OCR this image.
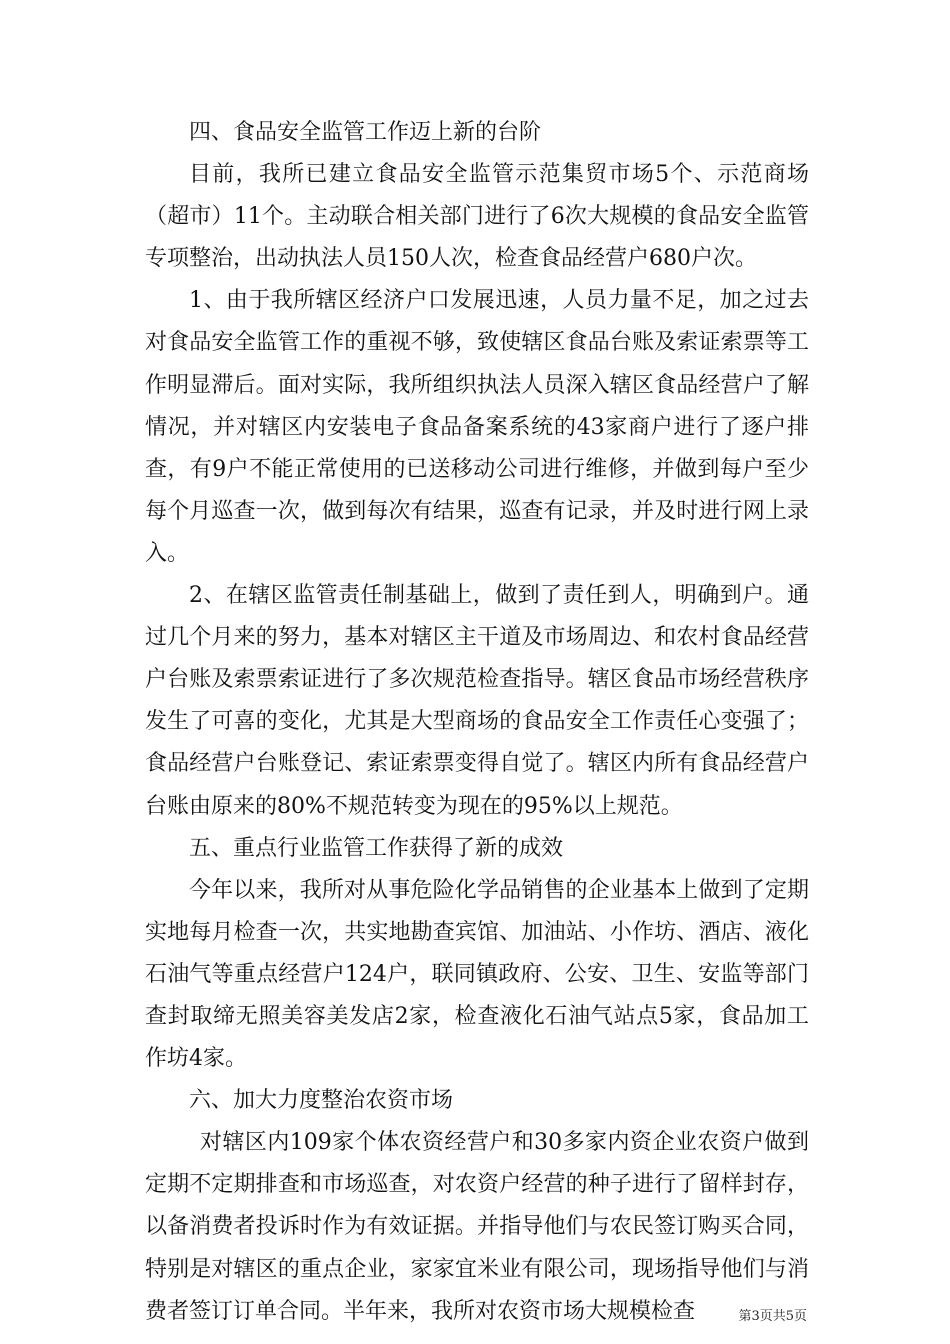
四、食品安全监管工作迈上新的台阶

目前，我所已建立食品安全监管示范集贸市场5个、示范商场（超市）11个。主动联合相关部门进行了6次大规模的食品安全监管专项整治，出动执法人员150人次，检查食品经营户680户次。

1、由于我所辖区经济户口发展迅速，人员力量不足，加之过去对食品安全监管工作的重视不够，致使辖区食品台账及索证索票等工作明显滞后。面对实际，我所组织执法人员深入辖区食品经营户了解情况，并对辖区内安装电子食品备案系统的43家商户进行了逐户排查，有9户不能正常使用的已送移动公司进行维修，并做到每户至少每个月巡查一次，做到每次有结果，巡查有记录，并及时进行网上录入。

2、在辖区监管责任制基础上，做到了责任到人，明确到户。通过几个月来的努力，基本对辖区主干道及市场周边、和农村食品经营户台账及索票索证进行了多次规范检查指导。辖区食品市场经营秩序发生了可喜的变化，尤其是大型商场的食品安全工作责任心变强了；食品经营户台账登记、索证索票变得自觉了。辖区内所有食品经营户台账由原来的80%不规范转变为现在的95%以上规范。

五、重点行业监管工作获得了新的成效

今年以来，我所对从事危险化学品销售的企业基本上做到了定期实地每月检查一次，共实地勘查宾馆、加油站、小作坊、酒店、液化石油气等重点经营户124户，联同镇政府、公安、卫生、安监等部门查封取缔无照美容美发店2家，检查液化石油气站点5家，食品加工作坊4家。

六、加大力度整治农资市场

对辖区内109家个体农资经营户和30多家内资企业农资户做到定期不定期排查和市场巡查，对农资户经营的种子进行了留样封存，以备消费者投诉时作为有效证据。并指导他们与农民签订购买合同，特别是对辖区的重点企业，家家宜米业有限公司，现场指导他们与消费者签订订单合同。半年来，我所对农资市场大规模检查	第3页共5页
